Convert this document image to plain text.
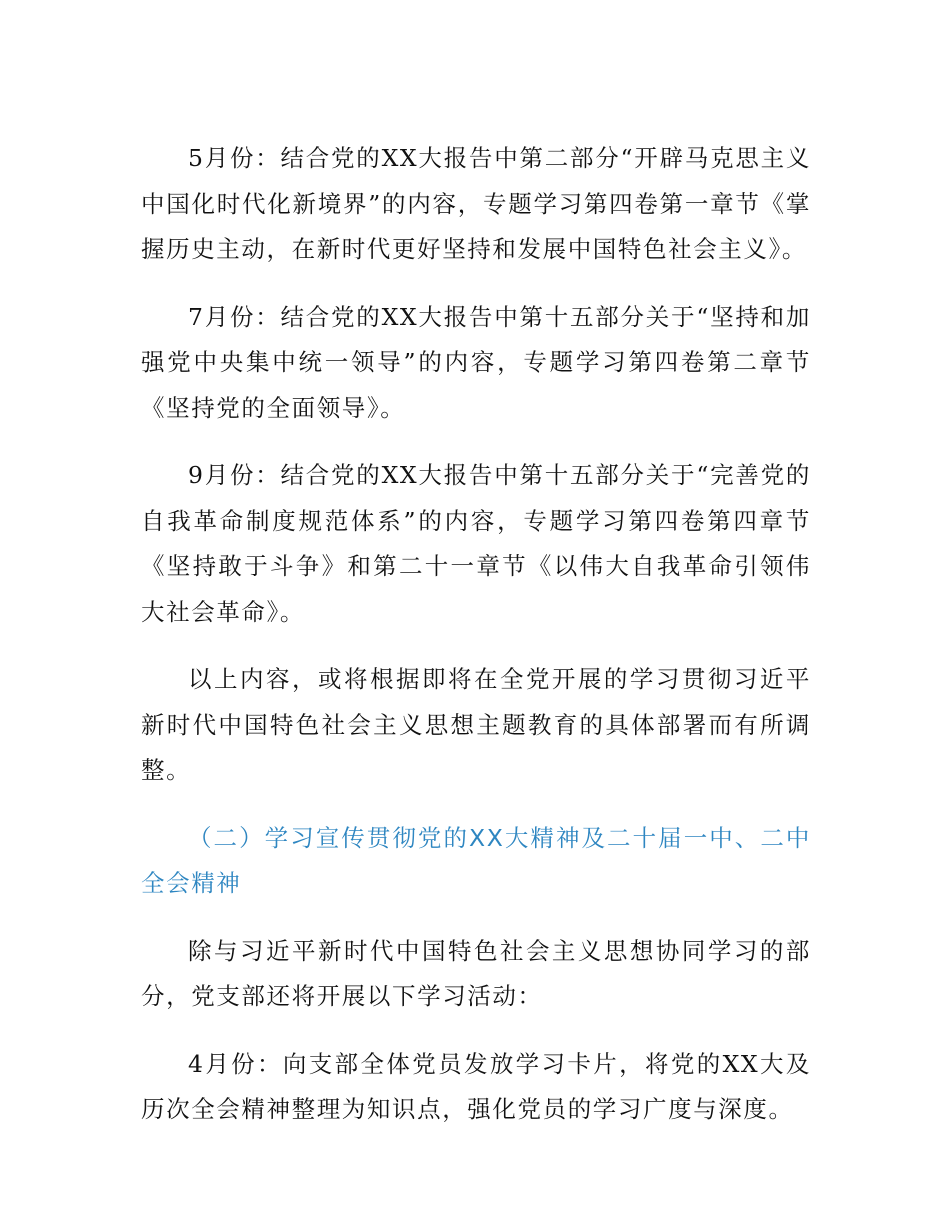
5月份：结合党的XX大报告中第二部分“开辟马克思主义中国化时代化新境界”的内容，专题学习第四卷第一章节《掌握历史主动，在新时代更好坚持和发展中国特色社会主义》。

7月份：结合党的XX大报告中第十五部分关于“坚持和加强党中央集中统一领导”的内容，专题学习第四卷第二章节《坚持党的全面领导》。

9月份：结合党的XX大报告中第十五部分关于“完善党的自我革命制度规范体系”的内容，专题学习第四卷第四章节《坚持敢于斗争》和第二十一章节《以伟大自我革命引领伟大社会革命》。

以上内容，或将根据即将在全党开展的学习贯彻习近平新时代中国特色社会主义思想主题教育的具体部署而有所调整。

（二）学习宣传贯彻党的XX大精神及二十届一中、二中全会精神

除与习近平新时代中国特色社会主义思想协同学习的部分，党支部还将开展以下学习活动：

4月份：向支部全体党员发放学习卡片，将党的XX大及历次全会精神整理为知识点，强化党员的学习广度与深度。
